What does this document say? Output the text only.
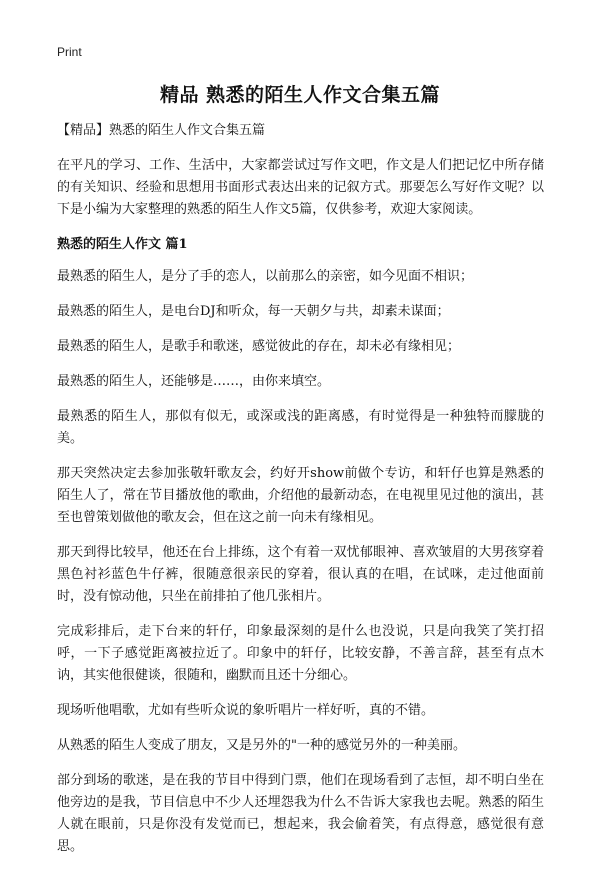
Print
精品 熟悉的陌生人作文合集五篇

【精品】熟悉的陌生人作文合集五篇

在平凡的学习、工作、生活中，大家都尝试过写作文吧，作文是人们把记忆中所存储的有关知识、经验和思想用书面形式表达出来的记叙方式。那要怎么写好作文呢？以下是小编为大家整理的熟悉的陌生人作文5篇，仅供参考，欢迎大家阅读。

熟悉的陌生人作文 篇1

最熟悉的陌生人，是分了手的恋人，以前那么的亲密，如今见面不相识；

最熟悉的陌生人，是电台DJ和听众，每一天朝夕与共，却素未谋面；

最熟悉的陌生人，是歌手和歌迷，感觉彼此的存在，却未必有缘相见；

最熟悉的陌生人，还能够是……，由你来填空。

最熟悉的陌生人，那似有似无，或深或浅的距离感，有时觉得是一种独特而朦胧的美。

那天突然决定去参加张敬轩歌友会，约好开show前做个专访，和轩仔也算是熟悉的陌生人了，常在节目播放他的歌曲，介绍他的最新动态，在电视里见过他的演出，甚至也曾策划做他的歌友会，但在这之前一向未有缘相见。

那天到得比较早，他还在台上排练，这个有着一双忧郁眼神、喜欢皱眉的大男孩穿着黑色衬衫蓝色牛仔裤，很随意很亲民的穿着，很认真的在唱，在试咪，走过他面前时，没有惊动他，只坐在前排拍了他几张相片。

完成彩排后，走下台来的轩仔，印象最深刻的是什么也没说，只是向我笑了笑打招呼，一下子感觉距离被拉近了。印象中的轩仔，比较安静，不善言辞，甚至有点木讷，其实他很健谈，很随和，幽默而且还十分细心。

现场听他唱歌，尤如有些听众说的象听唱片一样好听，真的不错。

从熟悉的陌生人变成了朋友，又是另外的"一种的感觉另外的一种美丽。

部分到场的歌迷，是在我的节目中得到门票，他们在现场看到了志恒，却不明白坐在他旁边的是我，节目信息中不少人还埋怨我为什么不告诉大家我也去呢。熟悉的陌生人就在眼前，只是你没有发觉而已，想起来，我会偷着笑，有点得意，感觉很有意思。
